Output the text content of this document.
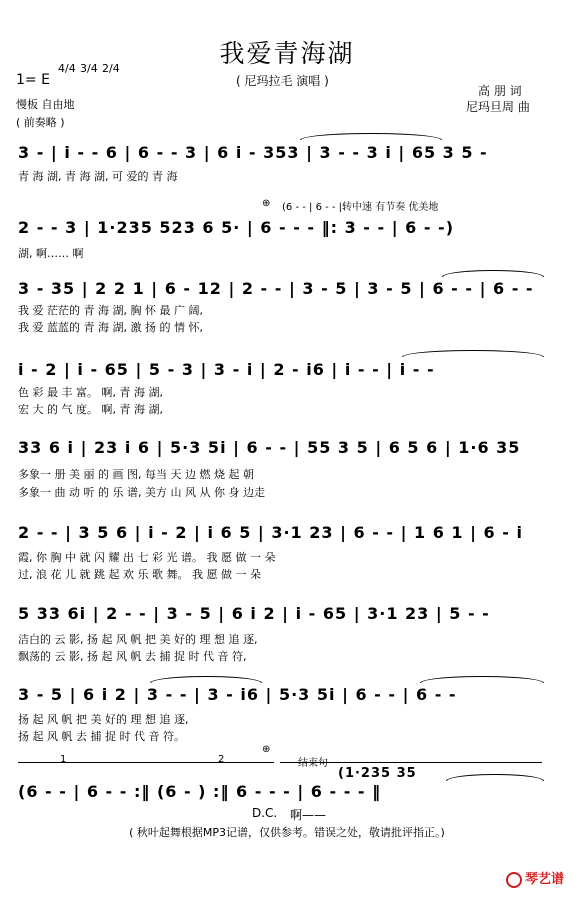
我爱青海湖
1= E
4/4 3/4 2/4
( 尼玛拉毛 演唱 )
高 朋 词
尼玛旦周 曲
慢板 自由地
( 前奏略 )
3 - | i - - 6 | 6 - - 3 | 6 i - 353 | 3 - - 3 i | 65 3 5 -
青 海 湖, 青 海 湖, 可 爱的 青 海
⊕ (6 - - | 6 - - |转中速 有节奏 优美地
2 - - 3 | 1·235 523 6 5· | 6 - - - ‖: 3 - - | 6 - -)
湖, 啊…… 啊
3 - 35 | 2 2 1 | 6 - 12 | 2 - - | 3 - 5 | 3 - 5 | 6 - - | 6 - -
我 爱 茫茫的 青 海 湖, 胸 怀 最 广 阔,
我 爱 蓝蓝的 青 海 湖, 激 扬 的 情 怀,
i - 2 | i - 65 | 5 - 3 | 3 - i | 2 - i6 | i - - | i - -
色 彩 最 丰 富。 啊, 青 海 湖,
宏 大 的 气 度。 啊, 青 海 湖,
33 6 i | 23 i 6 | 5·3 5i | 6 - - | 55 3 5 | 6 5 6 | 1·6 35
多象一 册 美 丽 的 画 图, 每当 天 边 燃 烧 起 朝
多象一 曲 动 听 的 乐 谱, 美方 山 风 从 你 身 边走
2 - - | 3 5 6 | i - 2 | i 6 5 | 3·1 23 | 6 - - | 1 6 1 | 6 - i
霞, 你 胸 中 就 闪 耀 出 七 彩 光 谱。 我 愿 做 一 朵
过, 浪 花 儿 就 跳 起 欢 乐 歌 舞。 我 愿 做 一 朵
5 33 6i | 2 - - | 3 - 5 | 6 i 2 | i - 65 | 3·1 23 | 5 - -
洁白的 云 影, 扬 起 风 帆 把 美 好的 理 想 追 逐,
飘荡的 云 影, 扬 起 风 帆 去 捕 捉 时 代 音 符,
3 - 5 | 6 i 2 | 3 - - | 3 - i6 | 5·3 5i | 6 - - | 6 - -
扬 起 风 帆 把 美 好的 理 想 追 逐,
扬 起 风 帆 去 捕 捉 时 代 音 符。
1	2
⊕
结束句
(1·235 35
(6 - - | 6 - - :‖ (6 - ) :‖ 6 - - - | 6 - - - ‖
D.C. 啊——
( 秋叶起舞根据MP3记谱，仅供参考。错误之处，敬请批评指正。)
琴艺谱
